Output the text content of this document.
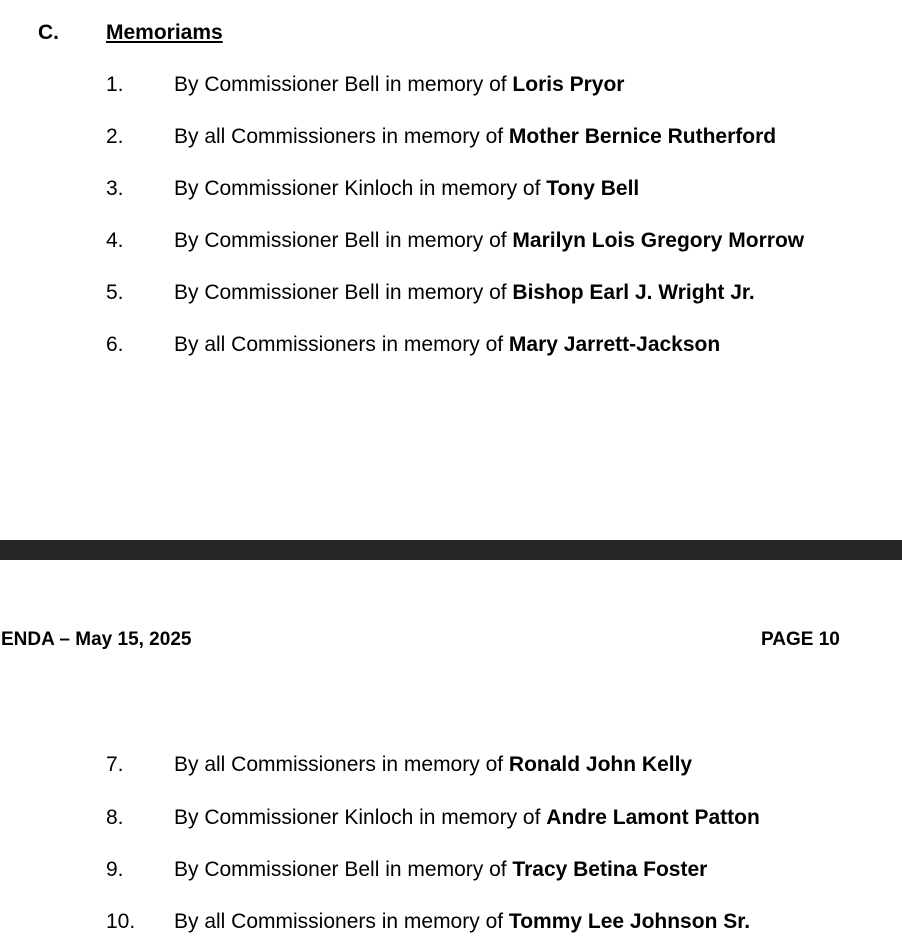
C. Memoriams
1. By Commissioner Bell in memory of Loris Pryor
2. By all Commissioners in memory of Mother Bernice Rutherford
3. By Commissioner Kinloch in memory of Tony Bell
4. By Commissioner Bell in memory of Marilyn Lois Gregory Morrow
5. By Commissioner Bell in memory of Bishop Earl J. Wright Jr.
6. By all Commissioners in memory of Mary Jarrett-Jackson
ENDA – May 15, 2025	PAGE 10
7. By all Commissioners in memory of Ronald John Kelly
8. By Commissioner Kinloch in memory of Andre Lamont Patton
9. By Commissioner Bell in memory of Tracy Betina Foster
10. By all Commissioners in memory of Tommy Lee Johnson Sr.
